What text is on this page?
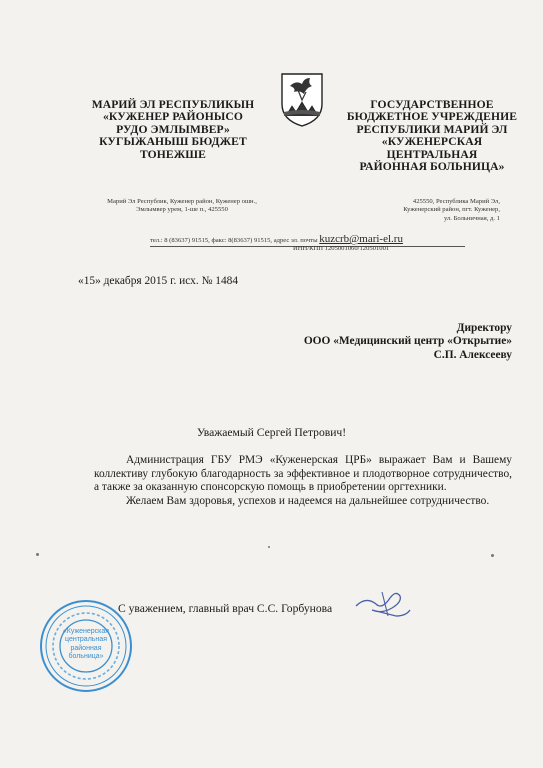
МАРИЙ ЭЛ РЕСПУБЛИКЫН
«КУЖЕНЕР РАЙОНЫСО
РУДО ЭМЛЫМВЕР»
КУГЫЖАНЫШ БЮДЖЕТ
ТОНЕЖШЕ
ГОСУДАРСТВЕННОЕ
БЮДЖЕТНОЕ УЧРЕЖДЕНИЕ
РЕСПУБЛИКИ МАРИЙ ЭЛ
«КУЖЕНЕРСКАЯ
ЦЕНТРАЛЬНАЯ
РАЙОННАЯ БОЛЬНИЦА»
Марий Эл Республик, Куженер район, Куженер ошн.,
Эмлымвер урем, 1-ше п., 425550
425550, Республика Марий Эл,
Куженерский район, пгт. Куженер,
ул. Больничная, д. 1
тел.: 8 (83637) 91515, факс: 8(83637) 91515, адрес эл. почты kuzcrb@mari-el.ru
ИНН/КПП 1205001060/120501001
«15» декабря 2015 г. исх. № 1484
Директору
ООО «Медицинский центр «Открытие»
С.П. Алексееву
Уважаемый Сергей Петрович!

Администрация ГБУ РМЭ «Куженерская ЦРБ» выражает Вам и Вашему коллективу глубокую благодарность за эффективное и плодотворное сотрудничество, а также за оказанную спонсорскую помощь в приобретении оргтехники.

Желаем Вам здоровья, успехов и надеемся на дальнейшее сотрудничество.

«Куженерская
центральная
районная
больница»
С уважением, главный врач С.С. Горбунова
